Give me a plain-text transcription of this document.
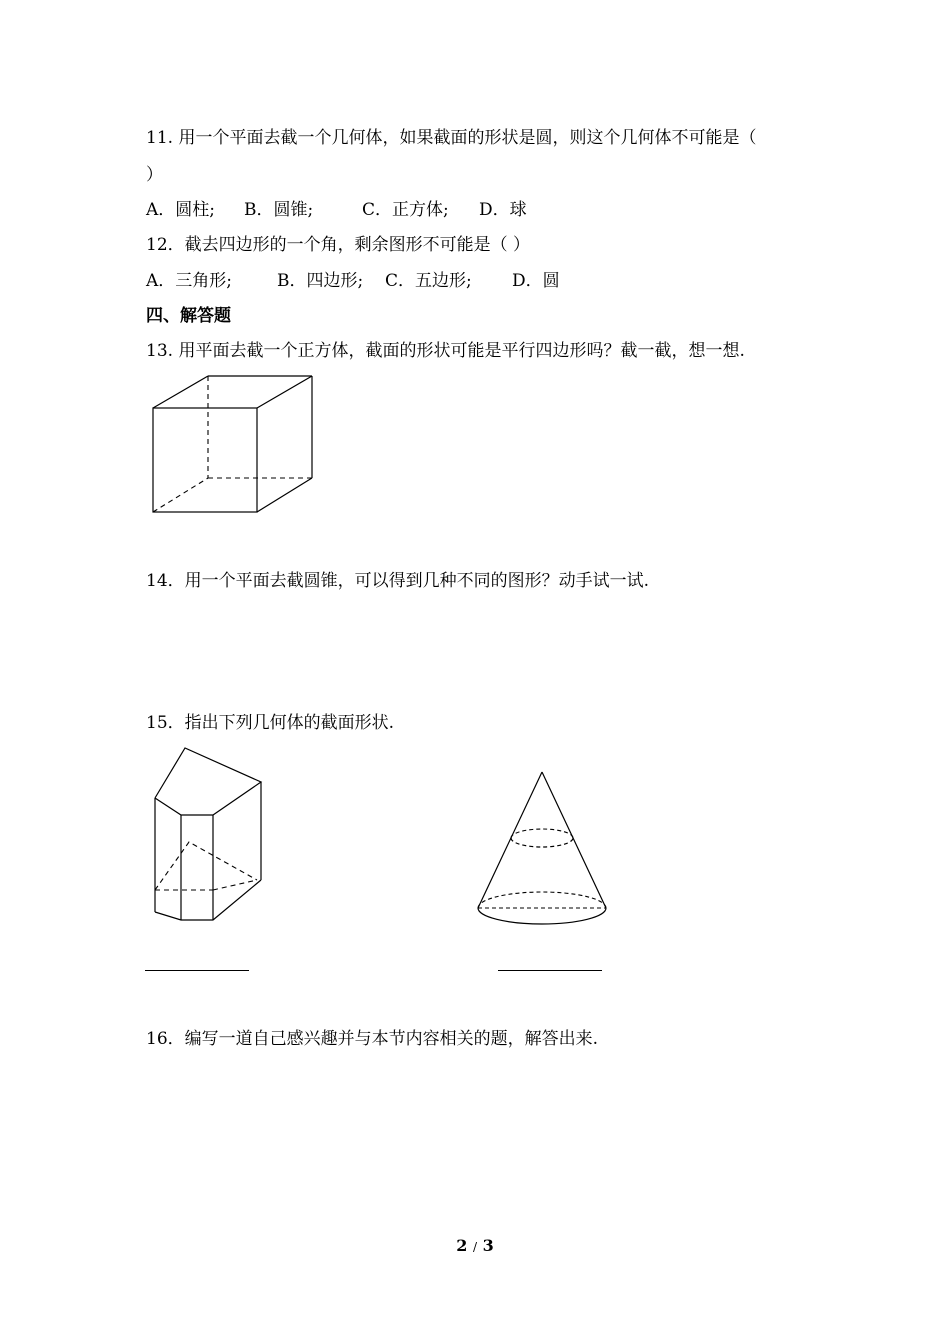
11. 用一个平面去截一个几何体，如果截面的形状是圆，则这个几何体不可能是（
）
A．圆柱; B．圆锥;	C．正方体; D．球
12．截去四边形的一个角，剩余图形不可能是（ ）
A．三角形;	B．四边形; C．五边形; D．圆
四、解答题
13. 用平面去截一个正方体，截面的形状可能是平行四边形吗？截一截，想一想.
14．用一个平面去截圆锥，可以得到几种不同的图形？动手试一试.
15．指出下列几何体的截面形状.
16．编写一道自己感兴趣并与本节内容相关的题，解答出来.
2 / 3
